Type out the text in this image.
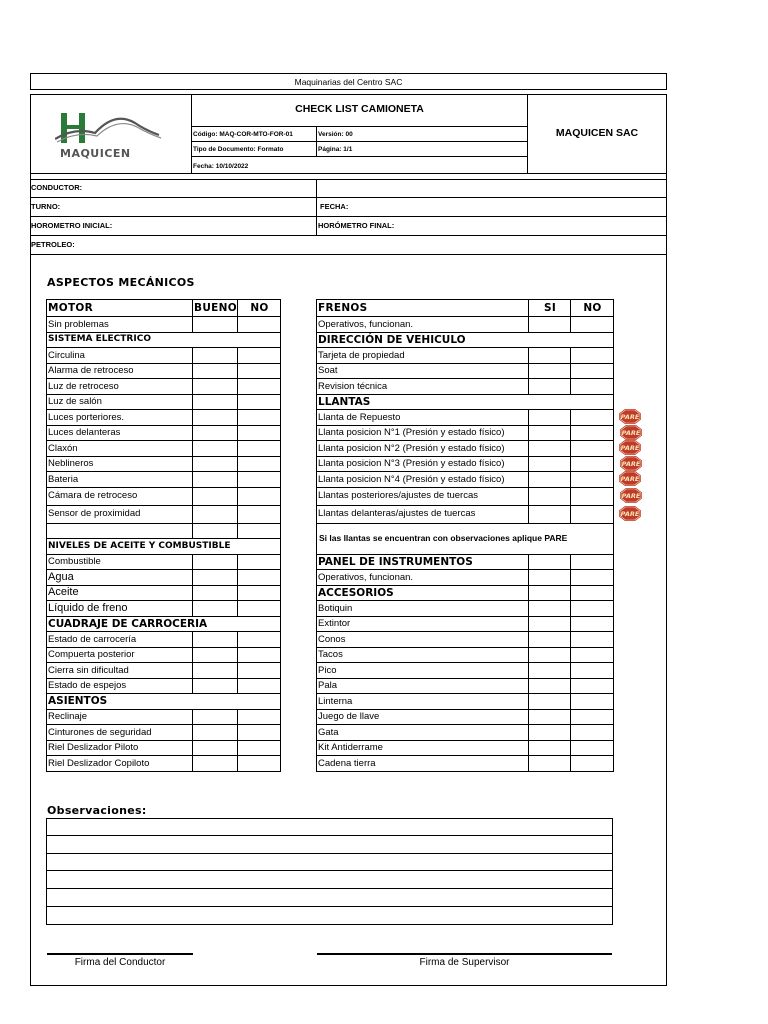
Maquinarias del Centro SAC
MAQUICEN
CHECK LIST CAMIONETA
MAQUICEN SAC
Código: MAQ-COR-MTO-FOR-01	Versión: 00
Tipo de Documento: Formato	Página: 1/1
Fecha: 10/10/2022
CONDUCTOR:
TURNO:	FECHA:
HOROMETRO INICIAL:	HORÓMETRO FINAL:
PETROLEO:
ASPECTOS MECÁNICOS
MOTOR	BUENO	NO
Sin problemas		
SISTEMA ELECTRICO		
Circulina		
Alarma de retroceso		
Luz de retroceso		
Luz de salón		
Luces porteriores.		
Luces delanteras		
Claxón		
Neblineros		
Bateria		
Cámara de retroceso		
Sensor de proximidad		

NIVELES DE ACEITE Y COMBUSTIBLE		
Combustible		
Agua		
Aceite		
Líquido de freno		
CUADRAJE DE CARROCERIA		
Estado de carrocería		
Compuerta posterior		
Cierra sin dificultad		
Estado de espejos		
ASIENTOS		
Reclinaje		
Cinturones de seguridad		
Riel Deslizador Piloto		
Riel Deslizador Copiloto		
FRENOS	SI	NO
Operativos, funcionan.		
DIRECCIÓN DE VEHICULO		
Tarjeta de propiedad		
Soat		
Revision técnica		
LLANTAS		
Llanta de Repuesto		
Llanta posicion N°1 (Presión y estado físico)		
Llanta posicion N°2 (Presión y estado físico)		
Llanta posicion N°3 (Presión y estado físico)		
Llanta posicion N°4 (Presión y estado físico)		
Llantas posteriores/ajustes de tuercas		
Llantas delanteras/ajustes de tuercas		
Si las llantas se encuentran con observaciones aplique PARE		
PANEL DE INSTRUMENTOS		
Operativos, funcionan.		
ACCESORIOS		
Botiquin		
Extintor		
Conos		
Tacos		
Pico		
Pala		
Linterna		
Juego de llave		
Gata		
Kit Antiderrame		
Cadena tierra		
PARE
PARE
PARE
PARE
PARE
PARE
PARE
Observaciones:
Firma del Conductor	Firma de Supervisor
